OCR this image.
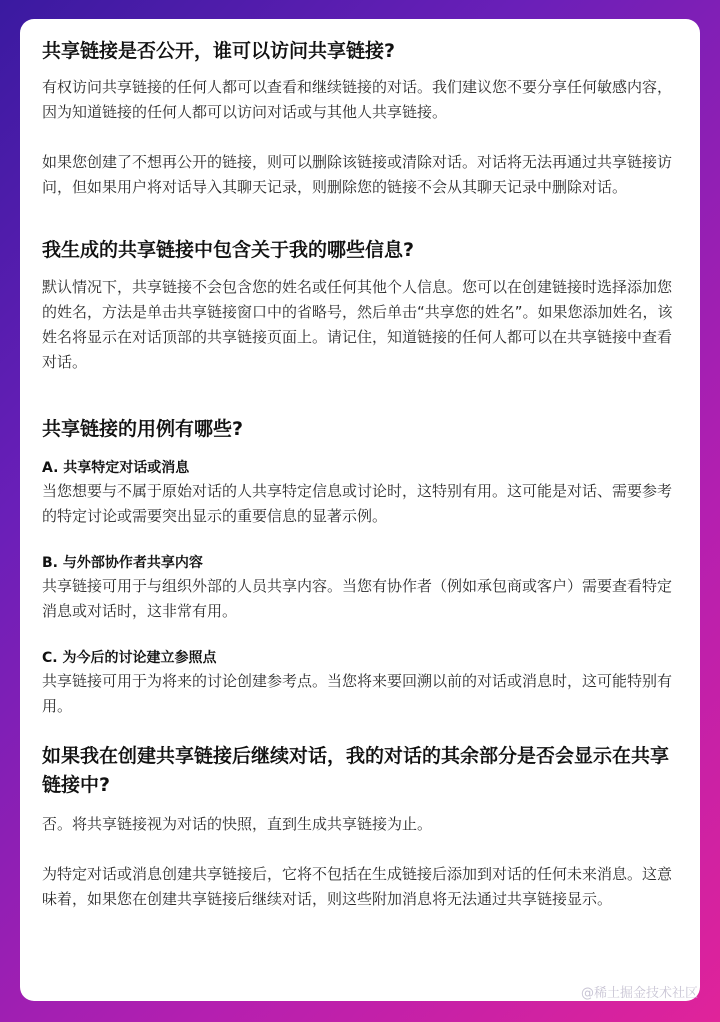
共享链接是否公开，谁可以访问共享链接?

有权访问共享链接的任何人都可以查看和继续链接的对话。我们建议您不要分享任何敏感内容，因为知道链接的任何人都可以访问对话或与其他人共享链接。

如果您创建了不想再公开的链接，则可以删除该链接或清除对话。对话将无法再通过共享链接访问，但如果用户将对话导入其聊天记录，则删除您的链接不会从其聊天记录中删除对话。

我生成的共享链接中包含关于我的哪些信息?

默认情况下，共享链接不会包含您的姓名或任何其他个人信息。您可以在创建链接时选择添加您的姓名，方法是单击共享链接窗口中的省略号，然后单击“共享您的姓名”。如果您添加姓名，该姓名将显示在对话顶部的共享链接页面上。请记住，知道链接的任何人都可以在共享链接中查看对话。

共享链接的用例有哪些?
A. 共享特定对话或消息

当您想要与不属于原始对话的人共享特定信息或讨论时，这特别有用。这可能是对话、需要参考的特定讨论或需要突出显示的重要信息的显著示例。

B. 与外部协作者共享内容

共享链接可用于与组织外部的人员共享内容。当您有协作者（例如承包商或客户）需要查看特定消息或对话时，这非常有用。

C. 为今后的讨论建立参照点

共享链接可用于为将来的讨论创建参考点。当您将来要回溯以前的对话或消息时，这可能特别有用。

如果我在创建共享链接后继续对话，我的对话的其余部分是否会显示在共享链接中?

否。将共享链接视为对话的快照，直到生成共享链接为止。

为特定对话或消息创建共享链接后，它将不包括在生成链接后添加到对话的任何未来消息。这意味着，如果您在创建共享链接后继续对话，则这些附加消息将无法通过共享链接显示。

@稀土掘金技术社区
